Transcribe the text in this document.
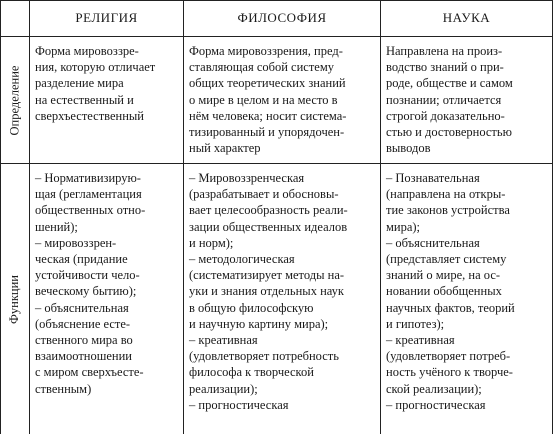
РЕЛИГИЯ	ФИЛОСОФИЯ	НАУКА
Определение
Функции
Форма мировоззре-
ния, которую отличает
разделение мира
на естественный и
сверхъестественный
Форма мировоззрения, пред-
ставляющая собой систему
общих теоретических знаний
о мире в целом и на место в
нём человека; носит система-
тизированный и упорядочен-
ный характер
Направлена на произ-
водство знаний о при-
роде, обществе и самом
познании; отличается
строгой доказательно-
стью и достоверностью
выводов
– Нормативизирую-
щая (регламентация
общественных отно-
шений);
– мировоззрен-
ческая (придание
устойчивости чело-
веческому бытию);
– объяснительная
(объяснение есте-
ственного мира во
взаимоотношении
с миром сверхъесте-
ственным)
– Мировоззренческая
(разрабатывает и обосновы-
вает целесообразность реали-
зации общественных идеалов
и норм);
– методологическая
(систематизирует методы на-
уки и знания отдельных наук
в общую философскую
и научную картину мира);
– креативная
(удовлетворяет потребность
философа к творческой
реализации);
– прогностическая
– Познавательная
(направлена на откры-
тие законов устройства
мира);
– объяснительная
(представляет систему
знаний о мире, на ос-
новании обобщенных
научных фактов, теорий
и гипотез);
– креативная
(удовлетворяет потреб-
ность учёного к творче-
ской реализации);
– прогностическая
